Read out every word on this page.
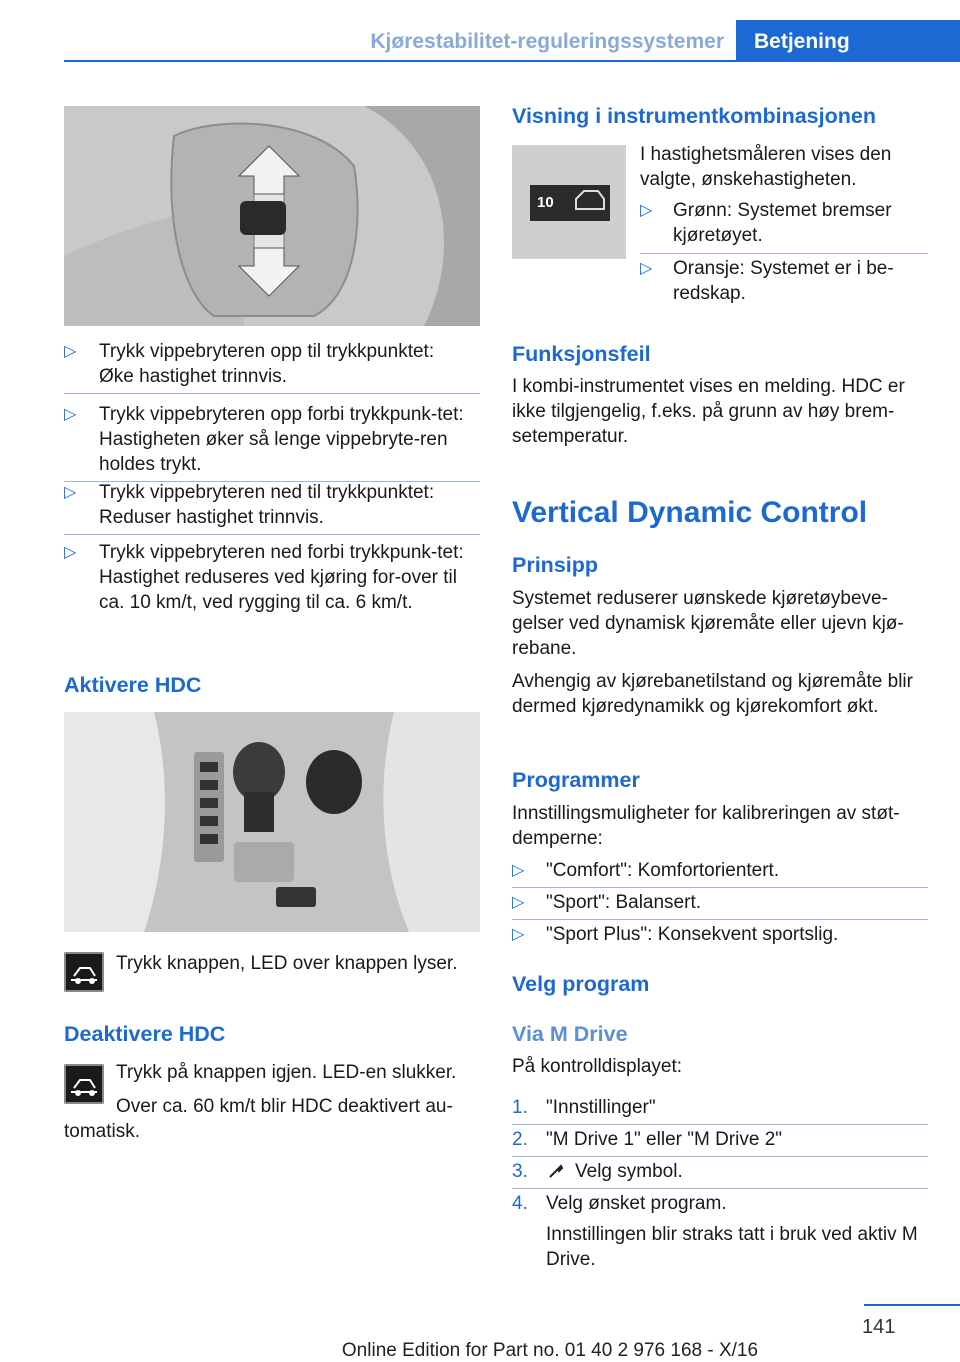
Kjørestabilitet-reguleringssystemer	Betjening
▷ Trykk vippebryteren opp til trykkpunktet: Øke hastighet trinnvis.
▷ Trykk vippebryteren opp forbi trykkpunk-tet: Hastigheten øker så lenge vippebryte-ren holdes trykt.
▷ Trykk vippebryteren ned til trykkpunktet: Reduser hastighet trinnvis.
▷ Trykk vippebryteren ned forbi trykkpunk-tet: Hastighet reduseres ved kjøring for-over til ca. 10 km/t, ved rygging til ca. 6 km/t.
Aktivere HDC
Trykk knappen, LED over knappen lyser.
Deaktivere HDC
Trykk på knappen igjen. LED-en slukker.
Over ca. 60 km/t blir HDC deaktivert au-tomatisk.
Visning i instrumentkombinasjonen
10
I hastighetsmåleren vises den valgte, ønskehastigheten.
▷ Grønn: Systemet bremser kjøretøyet.
▷ Oransje: Systemet er i be-redskap.
Funksjonsfeil
I kombi-instrumentet vises en melding. HDC er ikke tilgjengelig, f.eks. på grunn av høy brem-setemperatur.
Vertical Dynamic Control
Prinsipp
Systemet reduserer uønskede kjøretøybeve-gelser ved dynamisk kjøremåte eller ujevn kjø-rebane.
Avhengig av kjørebanetilstand og kjøremåte blir dermed kjøredynamikk og kjørekomfort økt.
Programmer
Innstillingsmuligheter for kalibreringen av støt-demperne:
▷ "Comfort": Komfortorientert.
▷ "Sport": Balansert.
▷ "Sport Plus": Konsekvent sportslig.
Velg program
Via M Drive
På kontrolldisplayet:
1. "Innstillinger"
2. "M Drive 1" eller "M Drive 2"
3. Velg symbol.
4. Velg ønsket program.
Innstillingen blir straks tatt i bruk ved aktiv M Drive.
141
Online Edition for Part no. 01 40 2 976 168 - X/16
